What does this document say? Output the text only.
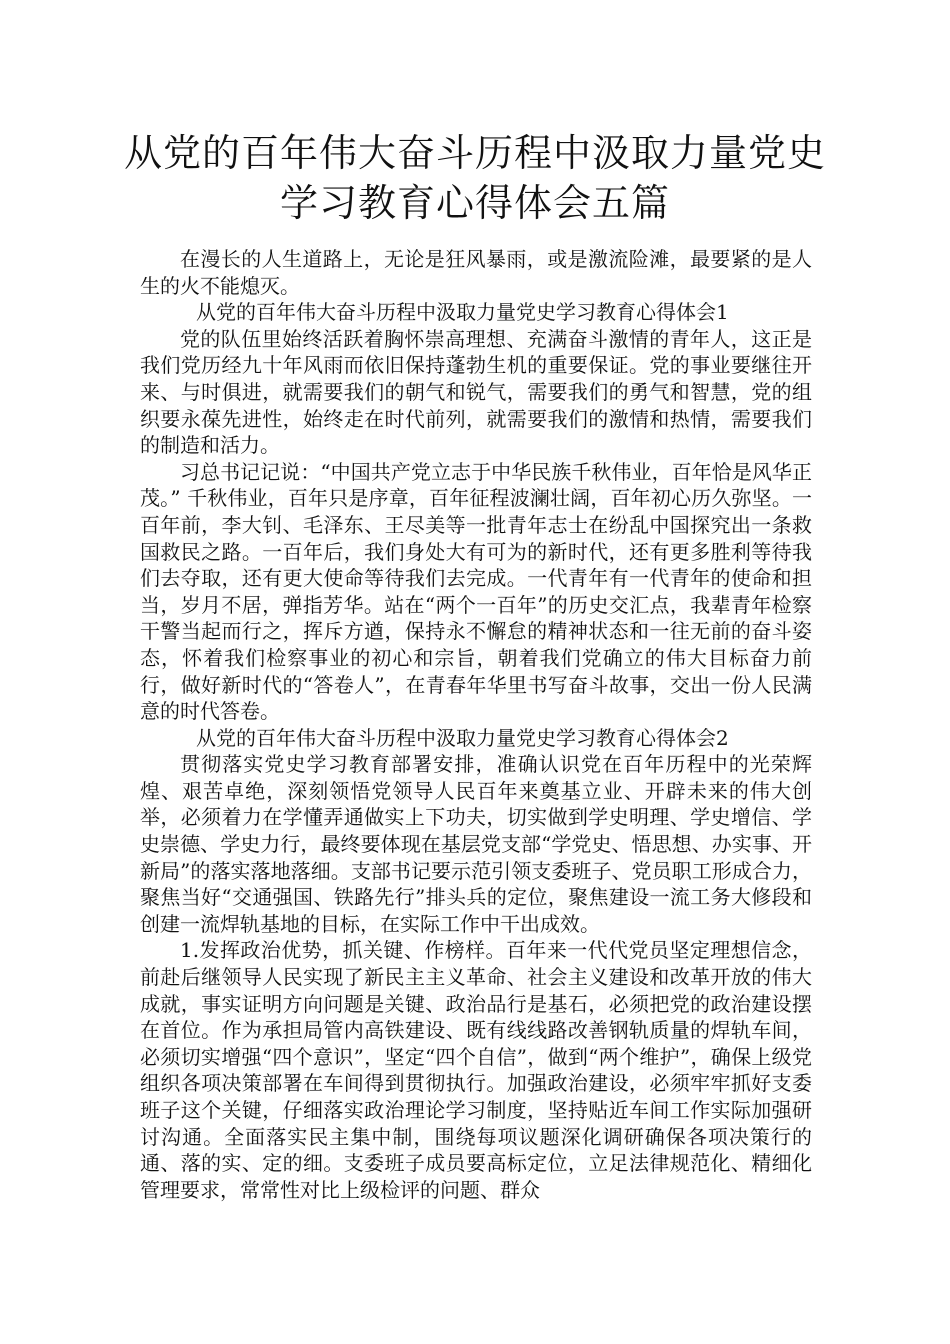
从党的百年伟大奋斗历程中汲取力量党史
学习教育心得体会五篇

在漫长的人生道路上，无论是狂风暴雨，或是激流险滩，最要紧的是人生的火不能熄灭。

从党的百年伟大奋斗历程中汲取力量党史学习教育心得体会1

党的队伍里始终活跃着胸怀崇高理想、充满奋斗激情的青年人，这正是我们党历经九十年风雨而依旧保持蓬勃生机的重要保证。党的事业要继往开来、与时俱进，就需要我们的朝气和锐气，需要我们的勇气和智慧，党的组织要永葆先进性，始终走在时代前列，就需要我们的激情和热情，需要我们的制造和活力。

习总书记记说：“中国共产党立志于中华民族千秋伟业，百年恰是风华正茂。” 千秋伟业，百年只是序章，百年征程波澜壮阔，百年初心历久弥坚。一百年前，李大钊、毛泽东、王尽美等一批青年志士在纷乱中国探究出一条救国救民之路。一百年后，我们身处大有可为的新时代，还有更多胜利等待我们去夺取，还有更大使命等待我们去完成。一代青年有一代青年的使命和担当，岁月不居，弹指芳华。站在“两个一百年”的历史交汇点，我辈青年检察干警当起而行之，挥斥方遒，保持永不懈怠的精神状态和一往无前的奋斗姿态，怀着我们检察事业的初心和宗旨，朝着我们党确立的伟大目标奋力前行，做好新时代的“答卷人”，在青春年华里书写奋斗故事，交出一份人民满意的时代答卷。

从党的百年伟大奋斗历程中汲取力量党史学习教育心得体会2

贯彻落实党史学习教育部署安排，准确认识党在百年历程中的光荣辉煌、艰苦卓绝，深刻领悟党领导人民百年来奠基立业、开辟未来的伟大创举，必须着力在学懂弄通做实上下功夫，切实做到学史明理、学史增信、学史崇德、学史力行，最终要体现在基层党支部“学党史、悟思想、办实事、开新局”的落实落地落细。支部书记要示范引领支委班子、党员职工形成合力，聚焦当好“交通强国、铁路先行”排头兵的定位，聚焦建设一流工务大修段和创建一流焊轨基地的目标，在实际工作中干出成效。

1.发挥政治优势，抓关键、作榜样。百年来一代代党员坚定理想信念，前赴后继领导人民实现了新民主主义革命、社会主义建设和改革开放的伟大成就，事实证明方向问题是关键、政治品行是基石，必须把党的政治建设摆在首位。作为承担局管内高铁建设、既有线线路改善钢轨质量的焊轨车间，必须切实增强“四个意识”，坚定“四个自信”，做到“两个维护”，确保上级党组织各项决策部署在车间得到贯彻执行。加强政治建设，必须牢牢抓好支委班子这个关键，仔细落实政治理论学习制度，坚持贴近车间工作实际加强研讨沟通。全面落实民主集中制，围绕每项议题深化调研确保各项决策行的通、落的实、定的细。支委班子成员要高标定位，立足法律规范化、精细化管理要求，常常性对比上级检评的问题、群众
